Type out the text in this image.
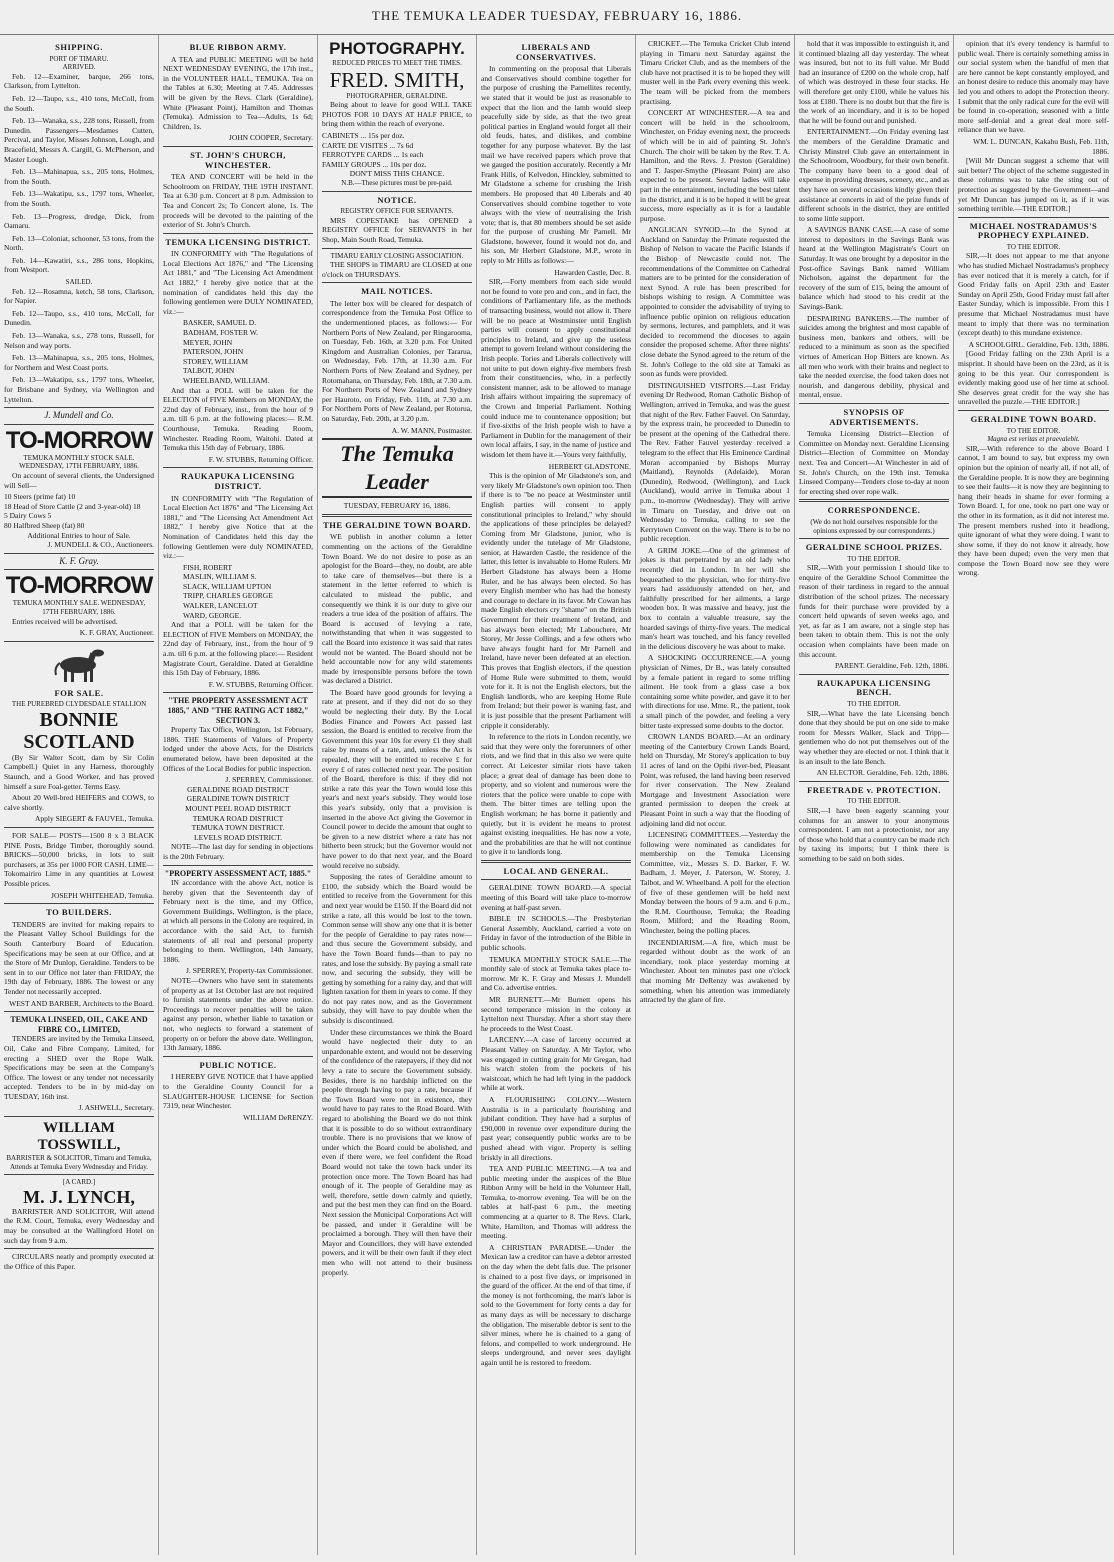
THE TEMUKA LEADER TUESDAY, FEBRUARY 16, 1886.
SHIPPING.
PORT OF TIMARU.
ARRIVED.
Feb. 12—Examiner, barque, 266 tons, Clarkson, from Lyttelton.
Feb. 12—Taupo, s.s., 410 tons, McColl, from the South.
Feb. 13—Wanaka, s.s., 228 tons, Russell, from Dunedin. Passengers—Mesdames Cutten, Percival, and Taylor, Misses Johnson, Lough, and Bracefield, Messrs A. Cargill, G. McPherson, and Master Lough.
Feb. 13—Mahinapua, s.s., 205 tons, Holmes, from the South.
Feb. 13—Wakatipu, s.s., 1797 tons, Wheeler, from the South.
Feb. 13—Progress, dredge, Dick, from Oamaru.
Feb. 13—Coloniat, schooner, 53 tons, from the North.
Feb. 14—Kawatiri, s.s., 286 tons, Hopkins, from Westport.
SAILED.
Feb. 12—Rosamna, ketch, 58 tons, Clarkson, for Napier.
Feb. 12—Taupo, s.s., 410 tons, McColl, for Dunedin.
Feb. 13—Wanaka, s.s., 278 tons, Russell, for Nelson and way ports.
Feb. 13—Mahinapua, s.s., 205 tons, Holmes, for Northern and West Coast ports.
Feb. 13—Wakatipu, s.s., 1797 tons, Wheeler, for Brisbane and Sydney, via Wellington and Lyttelton.
J. Mundell and Co.
TO-MORROW
TEMUKA MONTHLY STOCK SALE. WEDNESDAY, 17TH FEBRUARY, 1886.

On account of several clients, the Undersigned will Sell—

10 Steers (prime fat) 10
18 Head of Store Cattle (2 and 3-year-old) 18
5 Dairy Cows 5
80 Halfbred Sheep (fat) 80
Additional Entries to hour of Sale.
J. MUNDELL & CO., Auctioneers.
K. F. Gray.
TO-MORROW
TEMUKA MONTHLY SALE. WEDNESDAY, 17TH FEBRUARY, 1886.

Entries received will be advertised.

K. F. GRAY, Auctioneer.
FOR SALE.
THE PUREBRED CLYDESDALE STALLION
BONNIE SCOTLAND

(By Sir Walter Scott, dam by Sir Colin Campbell.) Quiet in any Harness, thoroughly Staunch, and a Good Worker, and has proved himself a sure Foal-getter. Terms Easy.

About 20 Well-bred HEIFERS and COWS, to calve shortly.

Apply SIEGERT & FAUVEL, Temuka.

FOR SALE— POSTS—1500 8 x 3 BLACK PINE Posts, Bridge Timber, thoroughly sound. BRICKS—50,000 bricks, in lots to suit purchasers, at 35s per 1000 FOR CASH. LIME—Tokomairiro Lime in any quantities at Lowest Possible prices.

JOSEPH WHITEHEAD, Temuka.
TO BUILDERS.

TENDERS are invited for making repairs to the Pleasant Valley School Buildings for the South Canterbury Board of Education. Specifications may be seen at our Office, and at the Store of Mr Dunlop, Geraldine. Tenders to be sent in to our Office not later than FRIDAY, the 19th day of February, 1886. The lowest or any Tender not necessarily accepted.

WEST AND BARBER, Architects to the Board.
TEMUKA LINSEED, OIL, CAKE AND FIBRE CO., LIMITED,

TENDERS are invited by the Temuka Linseed, Oil, Cake and Fibre Company, Limited, for erecting a SHED over the Rope Walk. Specifications may be seen at the Company's Office. The lowest or any tender not necessarily accepted. Tenders to be in by mid-day on TUESDAY, 16th inst.

J. ASHWELL, Secretary.
WILLIAM TOSSWILL,
BARRISTER & SOLICITOR, Timaru and Temuka, Attends at Temuka Every Wednesday and Friday.
[A CARD.]
M. J. LYNCH,

BARRISTER AND SOLICITOR, Will attend the R.M. Court, Temuka, every Wednesday and may be consulted at the Wallingford Hotel on such day from 9 a.m.

CIRCULARS neatly and promptly executed at the Office of this Paper.

BLUE RIBBON ARMY.

A TEA and PUBLIC MEETING will be held NEXT WEDNESDAY EVENING, the 17th inst., in the VOLUNTEER HALL, TEMUKA. Tea on the Tables at 6.30; Meeting at 7.45. Addresses will be given by the Revs. Clark (Geraldine), White (Pleasant Point), Hamilton and Thomas (Temuka). Admission to Tea—Adults, 1s 6d; Children, 1s.

JOHN COOPER, Secretary.
ST. JOHN'S CHURCH, WINCHESTER.

TEA AND CONCERT will be held in the Schoolroom on FRIDAY, THE 19TH INSTANT. Tea at 6.30 p.m. Concert at 8 p.m. Admission to Tea and Concert 2s; To Concert alone, 1s. The proceeds will be devoted to the painting of the exterior of St. John's Church.

TEMUKA LICENSING DISTRICT.

IN CONFORMITY with "The Regulations of Local Elections Act 1876," and "The Licensing Act 1881," and "The Licensing Act Amendment Act 1882," I hereby give notice that at the nomination of candidates held this day the following gentlemen were DULY NOMINATED, viz.:—

BASKER, SAMUEL D.
BADHAM, FOSTER W.
MEYER, JOHN
PATERSON, JOHN
STOREY, WILLIAM
TALBOT, JOHN
WHEELBAND, WILLIAM.

And that a POLL will be taken for the ELECTION of FIVE Members on MONDAY, the 22nd day of February, inst., from the hour of 9 a.m. till 6 p.m. at the following places:— R.M. Courthouse, Temuka. Reading Room, Winchester. Reading Room, Waitohi. Dated at Temuka this 15th day of February, 1886.

F. W. STUBBS, Returning Officer.
RAUKAPUKA LICENSING DISTRICT.

IN CONFORMITY with "The Regulation of Local Election Act 1876" and "The Licensing Act 1881," and "The Licensing Act Amendment Act 1882," I hereby give Notice that at the Nomination of Candidates held this day the following Gentlemen were duly NOMINATED, viz.:—

FISH, ROBERT
MASLIN, WILLIAM S.
SLACK, WILLIAM UPTON
TRIPP, CHARLES GEORGE
WALKER, LANCELOT
WARD, GEORGE.

And that a POLL will be taken for the ELECTION of FIVE Members on MONDAY, the 22nd day of February, inst., from the hour of 9 a.m. till 6 p.m. at the following place:— Resident Magistrate Court, Geraldine. Dated at Geraldine this 15th Day of February, 1886.

F. W. STUBBS, Returning Officer.
"THE PROPERTY ASSESSMENT ACT 1885," AND "THE RATING ACT 1882," SECTION 3.

Property Tax Office, Wellington, 1st February, 1886. THE Statements of Values of Property lodged under the above Acts, for the Districts enumerated below, have been deposited at the Offices of the Local Bodies for public inspection.

J. SPERREY, Commissioner.
GERALDINE ROAD DISTRICT
GERALDINE TOWN DISTRICT
MOUNT PEEL ROAD DISTRICT
TEMUKA ROAD DISTRICT
TEMUKA TOWN DISTRICT.
LEVELS ROAD DISTRICT.

NOTE—The last day for sending in objections is the 20th February.

"PROPERTY ASSESSMENT ACT, 1885."

IN accordance with the above Act, notice is hereby given that the Seventeenth day of February next is the time, and my Office, Government Buildings, Wellington, is the place, at which all persons in the Colony are required, in accordance with the said Act, to furnish statements of all real and personal property belonging to them. Wellington, 14th January, 1886.

J. SPERREY, Property-tax Commissioner.

NOTE—Owners who have sent in statements of property as at 1st October last are not required to furnish statements under the above notice. Proceedings to recover penalties will be taken against any person, whether liable to taxation or not, who neglects to forward a statement of property on or before the above date. Wellington, 13th January, 1886.

PUBLIC NOTICE.

I HEREBY GIVE NOTICE that I have applied to the Geraldine County Council for a SLAUGHTER-HOUSE LICENSE for Section 7319, near Winchester.

WILLIAM DeRENZY.
PHOTOGRAPHY.
REDUCED PRICES TO MEET THE TIMES.
FRED. SMITH,
PHOTOGRAPHER, GERALDINE.

Being about to leave for good WILL TAKE PHOTOS FOR 10 DAYS AT HALF PRICE, to bring them within the reach of everyone.

CABINETS ... 15s per doz.
CARTE DE VISITES ... 7s 6d
FERROTYPE CARDS ... 1s each
FAMILY GROUPS ... 10s per doz.
DON'T MISS THIS CHANCE.
N.B.—These pictures must be pre-paid.
NOTICE.
REGISTRY OFFICE FOR SERVANTS.

MRS COPESTAKE has OPENED a REGISTRY OFFICE for SERVANTS in her Shop, Main South Road, Temuka.

TIMARU EARLY CLOSING ASSOCIATION.

THE SHOPS in TIMARU are CLOSED at one o'clock on THURSDAYS.

MAIL NOTICES.

The letter box will be cleared for despatch of correspondence from the Temuka Post Office to the undermentioned places, as follows:— For Northern Ports of New Zealand, per Ringarooma, on Tuesday, Feb. 16th, at 3.20 p.m. For United Kingdom and Australian Colonies, per Tararua, on Wednesday, Feb. 17th, at 11.30 a.m. For Northern Ports of New Zealand and Sydney, per Rotomahana, on Thursday, Feb. 18th, at 7.30 a.m. For Northern Ports of New Zealand and Sydney per Hauroto, on Friday, Feb. 11th, at 7.30 a.m. For Northern Ports of New Zealand, per Rotorua, on Saturday, Feb. 20th, at 3.20 p.m.

A. W. MANN, Postmaster.
The Temuka Leader
TUESDAY, FEBRUARY 16, 1886.
THE GERALDINE TOWN BOARD.

WE publish in another column a letter commenting on the actions of the Geraldine Town Board. We do not desire to pose as an apologist for the Board—they, no doubt, are able to take care of themselves—but there is a statement in the letter referred to which is calculated to mislead the public, and consequently we think it is our duty to give our readers a true idea of the position of affairs. The Board is accused of levying a rate, notwithstanding that when it was suggested to call the Board into existence it was said that rates would not be wanted. The Board should not be held accountable now for any wild statements made by irresponsible persons before the town was declared a District.

The Board have good grounds for levying a rate at present, and if they did not do so they would be neglecting their duty. By the Local Bodies Finance and Powers Act passed last session, the Board is entitled to receive from the Government this year 10s for every £1 they shall raise by means of a rate, and, unless the Act is repealed, they will be entitled to receive £ for every £ of rates collected next year. The position of the Board, therefore is this: if they did not strike a rate this year the Town would lose this year's and next year's subsidy. They would lose this year's subsidy, only that a provision is inserted in the above Act giving the Governor in Council power to decide the amount that ought to be given to a new district where a rate has not hitherto been struck; but the Governor would not have power to do that next year, and the Board would receive no subsidy.

Supposing the rates of Geraldine amount to £100, the subsidy which the Board would be entitled to receive from the Government for this and next year would be £150. If the Board did not strike a rate, all this would be lost to the town. Common sense will show any one that it is better for the people of Geraldine to pay rates now—and thus secure the Government subsidy, and have the Town Board funds—than to pay no rates, and lose the subsidy. By paying a small rate now, and securing the subsidy, they will be getting by something for a rainy day, and that will lighten taxation for them in years to come. If they do not pay rates now, and as the Government subsidy, they will have to pay double when the subsidy is discontinued.

Under these circumstances we think the Board would have neglected their duty to an unpardonable extent, and would not be deserving of the confidence of the ratepayers, if they did not levy a rate to secure the Government subsidy. Besides, there is no hardship inflicted on the people through having to pay a rate, because if the Town Board were not in existence, they would have to pay rates to the Road Board. With regard to abolishing the Board we do not think that it is possible to do so without extraordinary trouble. There is no provisions that we know of under which the Board could be abolished, and even if there were, we feel confident the Road Board would not take the town back under its protection once more. The Town Board has had enough of it. The people of Geraldine may as well, therefore, settle down calmly and quietly, and put the best men they can find on the Board. Next session the Municipal Corporations Act will be passed, and under it Geraldine will be proclaimed a borough. They will then have their Mayor and Councillors, they will have extended powers, and it will be their own fault if they elect men who will not attend to their business properly.

LIBERALS AND CONSERVATIVES.

In commenting on the proposal that Liberals and Conservatives should combine together for the purpose of crushing the Parnellites recently, we stated that it would be just as reasonable to expect that the lion and the lamb would sleep peacefully side by side, as that the two great political parties in England would forget all their old feuds, hates, and dislikes, and combine together for any purpose whatever. By the last mail we have received papers which prove that we gauged the position accurately. Recently a Mr Frank Hills, of Kelvedon, Hinckley, submitted to Mr Gladstone a scheme for crushing the Irish members. He proposed that 40 Liberals and 40 Conservatives should combine together to vote always with the view of neutralising the Irish vote; that is, that 80 members should be set aside for the purpose of crushing Mr Parnell. Mr Gladstone, however, found it would not do, and his son, Mr Herbert Gladstone, M.P., wrote in reply to Mr Hills as follows:—

Hawarden Castle, Dec. 8.

SIR,—Forty members from each side would not be found to vote pro and con., and in fact, the conditions of Parliamentary life, as the methods of transacting business, would not allow it. There will be no peace at Westminster until English parties will consent to apply constitutional principles to Ireland, and give up the useless attempt to govern Ireland without considering the Irish people. Tories and Liberals collectively will not unite to put down eighty-five members fresh from their constituencies, who, in a perfectly consistent manner, ask to be allowed to manage Irish affairs without impairing the supremacy of the Crown and Imperial Parliament. Nothing could induce me to countenance opposition; but if five-sixths of the Irish people wish to have a Parliament in Dublin for the management of their own local affairs, I say, in the name of justice and wisdom let them have it.—Yours very faithfully,

HERBERT GLADSTONE.

This is the opinion of Mr Gladstone's son, and very likely Mr Gladstone's own opinion too. Then if there is to "be no peace at Westminster until English parties will consent to apply constitutional principles to Ireland," why should the applications of these principles be delayed? Coming from Mr Gladstone, junior, who is evidently under the tutelage of Mr Gladstone, senior, at Hawarden Castle, the residence of the latter, this letter is invaluable to Home Rulers. Mr Herbert Gladstone has always been a Home Ruler, and he has always been elected. So has every English member who has had the honesty and courage to declare in its favor. Mr Cowan has made English electors cry "shame" on the British Government for their treatment of Ireland, and has always been elected; Mr Labouchere, Mr Storey, Mr Jesse Collings, and a few others who have always fought hard for Mr Parnell and Ireland, have never been defeated at an election. This proves that English electors, if the question of Home Rule were submitted to them, would vote for it. It is not the English electors, but the English landlords, who are keeping Home Rule from Ireland; but their power is waning fast, and it is just possible that the present Parliament will cripple it considerably.

In reference to the riots in London recently, we said that they were only the forerunners of other riots, and we find that in this also we were quite correct. At Leicester similar riots have taken place; a great deal of damage has been done to property, and so violent and numerous were the rioters that the police were unable to cope with them. The bitter times are telling upon the English workman; he has borne it patiently and quietly, but it is evident he means to protest against existing inequalities. He has now a vote, and the probabilities are that he will not continue to give it to landlords long.

LOCAL AND GENERAL.

GERALDINE TOWN BOARD.—A special meeting of this Board will take place to-morrow evening at half-past seven.

BIBLE IN SCHOOLS.—The Presbyterian General Assembly, Auckland, carried a vote on Friday in favor of the introduction of the Bible in public schools.

TEMUKA MONTHLY STOCK SALE.—The monthly sale of stock at Temuka takes place to-morrow. Mr K. F. Gray and Messrs J. Mundell and Co. advertise entries.

MR BURNETT.—Mr Burnett opens his second temperance mission in the colony at Lyttelton next Thursday. After a short stay there he proceeds to the West Coast.

LARCENY.—A case of larceny occurred at Pleasant Valley on Saturday. A Mr Taylor, who was engaged in cutting grain for Mr Gregan, had his watch stolen from the pockets of his waistcoat, which he had left lying in the paddock while at work.

A FLOURISHING COLONY.—Western Australia is in a particularly flourishing and jubilant condition. They have had a surplus of £90,000 in revenue over expenditure during the past year; consequently public works are to be pushed ahead with vigor. Property is selling briskly in all directions.

TEA AND PUBLIC MEETING.—A tea and public meeting under the auspices of the Blue Ribbon Army will be held in the Volunteer Hall, Temuka, to-morrow evening. Tea will be on the tables at half-past 6 p.m., the meeting commencing at a quarter to 8. The Revs. Clark, White, Hamilton, and Thomas will address the meeting.

A CHRISTIAN PARADISE.—Under the Mexican law a creditor can have a debtor arrested on the day when the debt falls due. The prisoner is chained to a post five days, or imprisoned in the guard of the officer. At the end of that time, if the money is not forthcoming, the man's labor is sold to the Government for forty cents a day for as many days as will be necessary to discharge the obligation. The miserable debtor is sent to the silver mines, where he is chained to a gang of felons, and compelled to work underground. He sleeps underground, and never sees daylight again until he is restored to freedom.

CRICKET.—The Temuka Cricket Club intend playing in Timaru next Saturday against the Timaru Cricket Club, and as the members of the club have not practised it is to be hoped they will muster well in the Park every evening this week. The team will be picked from the members practising.

CONCERT AT WINCHESTER.—A tea and concert will be held in the schoolroom, Winchester, on Friday evening next, the proceeds of which will be in aid of painting St. John's Church. The choir will be taken by the Rev. T. A. Hamilton, and the Revs. J. Preston (Geraldine) and T. Jasper-Smythe (Pleasant Point) are also expected to be present. Several ladies will take part in the entertainment, including the best talent in the district, and it is to be hoped it will be great success, more especially as it is for a laudable purpose.

ANGLICAN SYNOD.—In the Synod at Auckland on Saturday the Primate requested the Bishop of Nelson to vacate the Pacific Islands if the Bishop of Newcastle could not. The recommendations of the Committee on Cathedral matters are to be printed for the consideration of next Synod. A rule has been prescribed for bishops wishing to resign. A Committee was appointed to consider the advisability of trying to influence public opinion on religious education by sermons, lectures, and pamphlets, and it was decided to recommend the dioceses to again consider the proposed scheme. After three nights' close debate the Synod agreed to the return of the St. John's College to the old site at Tamaki as soon as funds were provided.

DISTINGUISHED VISITORS.—Last Friday evening Dr Redwood, Roman Catholic Bishop of Wellington, arrived in Temuka, and was the guest that night of the Rev. Father Fauvel. On Saturday, by the express train, he proceeded to Dunedin to be present at the opening of the Cathedral there. The Rev. Father Fauvel yesterday received a telegram to the effect that His Eminence Cardinal Moran accompanied by Bishops Murray (Maitland), Reynolds (Adelaide), Moran (Dunedin), Redwood, (Wellington), and Luck (Auckland), would arrive in Temuka about 1 p.m., to-morrow (Wednesday). They will arrive in Timaru on Tuesday, and drive out on Wednesday to Temuka, calling to see the Kerrytown Convent on the way. There is to be no public reception.

A GRIM JOKE.—One of the grimmest of jokes is that perpetrated by an old lady who recently died in London. In her will she bequeathed to the physician, who for thirty-five years had assiduously attended on her, and faithfully prescribed for her ailments, a large wooden box. It was massive and heavy, just the box to contain a valuable treasure, say the hoarded savings of thirty-five years. The medical man's heart was touched, and his fancy revelled in the delicious discovery he was about to make.

A SHOCKING OCCURRENCE.—A young physician of Nimes, Dr B., was lately consulted by a female patient in regard to some trifling ailment. He took from a glass case a box containing some white powder, and gave it to her with directions for use. Mme. R., the patient, took a small pinch of the powder, and feeling a very bitter taste expressed some doubts to the doctor.

CROWN LANDS BOARD.—At an ordinary meeting of the Canterbury Crown Lands Board, held on Thursday, Mr Storey's application to buy 11 acres of land on the Opihi river-bed, Pleasant Point, was refused, the land having been reserved for river conservation. The New Zealand Mortgage and Investment Association were granted permission to deepen the creek at Pleasant Point in such a way that the flooding of adjoining land did not occur.

LICENSING COMMITTEES.—Yesterday the following were nominated as candidates for membership on the Temuka Licensing Committee, viz., Messrs S. D. Barker, F. W. Badham, J. Meyer, J. Paterson, W. Storey, J. Talbot, and W. Wheelband. A poll for the election of five of these gentlemen will be held next Monday between the hours of 9 a.m. and 6 p.m., the R.M. Courthouse, Temuka; the Reading Room, Milford; and the Reading Room, Winchester, being the polling places.

INCENDIARISM.—A fire, which must be regarded without doubt as the work of an incendiary, took place yesterday morning at Winchester. About ten minutes past one o'clock that morning Mr DeRenzy was awakened by something, when his attention was immediately attracted by the glare of fire.

hold that it was impossible to extinguish it, and it continued blazing all day yesterday. The wheat was insured, but not to its full value. Mr Budd had an insurance of £200 on the whole crop, half of which was destroyed in these four stacks. He will therefore get only £100, while he values his loss at £180. There is no doubt but that the fire is the work of an incendiary, and it is to be hoped that he will be found out and punished.

ENTERTAINMENT.—On Friday evening last the members of the Geraldine Dramatic and Christy Minstrel Club gave an entertainment in the Schoolroom, Woodbury, for their own benefit. The company have been to a good deal of expense in providing dresses, scenery, etc., and as they have on several occasions kindly given their assistance at concerts in aid of the prize funds of different schools in the district, they are entitled to some little support.

A SAVINGS BANK CASE.—A case of some interest to depositors in the Savings Bank was heard at the Wellington Magistrate's Court on Saturday. It was one brought by a depositor in the Post-office Savings Bank named William Nicholson, against the department for the recovery of the sum of £15, being the amount of balance which had stood to his credit at the Savings-Bank.

DESPAIRING BANKERS.—The number of suicides among the brightest and most capable of business men, bankers and others, will be reduced to a minimum as soon as the specified virtues of American Hop Bitters are known. As all men who work with their brains and neglect to take the needed exercise, the food taken does not nourish, and dangerous debility, physical and mental, ensue.

SYNOPSIS OF ADVERTISEMENTS.

Temuka Licensing District—Election of Committee on Monday next. Geraldine Licensing District—Election of Committee on Monday next. Tea and Concert—At Winchester in aid of St. John's Church, on the 19th inst. Temuka Linseed Company—Tenders close to-day at noon for erecting shed over rope walk.

CORRESPONDENCE.
(We do not hold ourselves responsible for the opinions expressed by our correspondents.)
GERALDINE SCHOOL PRIZES.
TO THE EDITOR.

SIR,—With your permission I should like to enquire of the Geraldine School Committee the reason of their tardiness in regard to the annual distribution of the school prizes. The necessary funds for their purchase were provided by a concert held upwards of seven weeks ago, and yet, as far as I am aware, not a single step has been taken to obtain them. This is not the only occasion when complaints have been made on this account.

PARENT. Geraldine, Feb. 12th, 1886.
RAUKAPUKA LICENSING BENCH.
TO THE EDITOR.

SIR,—What have the late Licensing bench done that they should be put on one side to make room for Messrs Walker, Slack and Tripp—gentlemen who do not put themselves out of the way whether they are elected or not. I think that it is an insult to the late Bench.

AN ELECTOR. Geraldine, Feb. 12th, 1886.
FREETRADE v. PROTECTION.
TO THE EDITOR.

SIR,—I have been eagerly scanning your columns for an answer to your anonymous correspondent. I am not a protectionist, nor any of those who hold that a country can be made rich by taxing its imports; but I think there is something to be said on both sides.

opinion that it's every tendency is harmful to public weal. There is certainly something amiss in our social system when the handful of men that are here cannot be kept constantly employed, and an honest desire to reduce this anomaly may have led you and others to adopt the Protection theory. I submit that the only radical cure for the evil will be found in co-operation, seasoned with a little more self-denial and a great deal more self-reliance than we have.

WM. L. DUNCAN, Kakahu Bush, Feb. 11th, 1886.

[Will Mr Duncan suggest a scheme that will suit better? The object of the scheme suggested in these columns was to take the sting out of protection as suggested by the Government—and yet Mr Duncan has jumped on it, as if it was something terrible.—THE EDITOR.]

MICHAEL NOSTRADAMUS'S PROPHECY EXPLAINED.
TO THE EDITOR.

SIR,—It does not appear to me that anyone who has studied Michael Nostradamus's prophecy has ever noticed that it is merely a catch, for if Good Friday falls on April 23th and Easter Sunday on April 25th, Good Friday must fall after Easter Sunday, which is impossible. From this I presume that Michael Nostradamus must have meant to imply that there was no termination (except death) to this mundane existence.

A SCHOOLGIRL. Geraldine, Feb. 13th, 1886.

[Good Friday falling on the 23th April is a misprint. It should have been on the 23rd, as it is going to be this year. Our correspondent is evidently making good use of her time at school. She deserves great credit for the way she has unravelled the puzzle.—THE EDITOR.]

GERALDINE TOWN BOARD.
TO THE EDITOR.
Magna est veritas et praevalebit.

SIR,—With reference to the above Board I cannot, I am bound to say, but express my own opinion but the opinion of nearly all, if not all, of the Geraldine people. It is now they are beginning to see their faults—it is now they are beginning to hang their heads in shame for ever forming a Town Board. I, for one, took no part one way or the other in its formation, as it did not interest me. The present members rushed into it headlong, quite ignorant of what they were doing. I want to show some, if they do not know it already, how they have been duped; even the very men that compose the Town Board now see they were wrong.
